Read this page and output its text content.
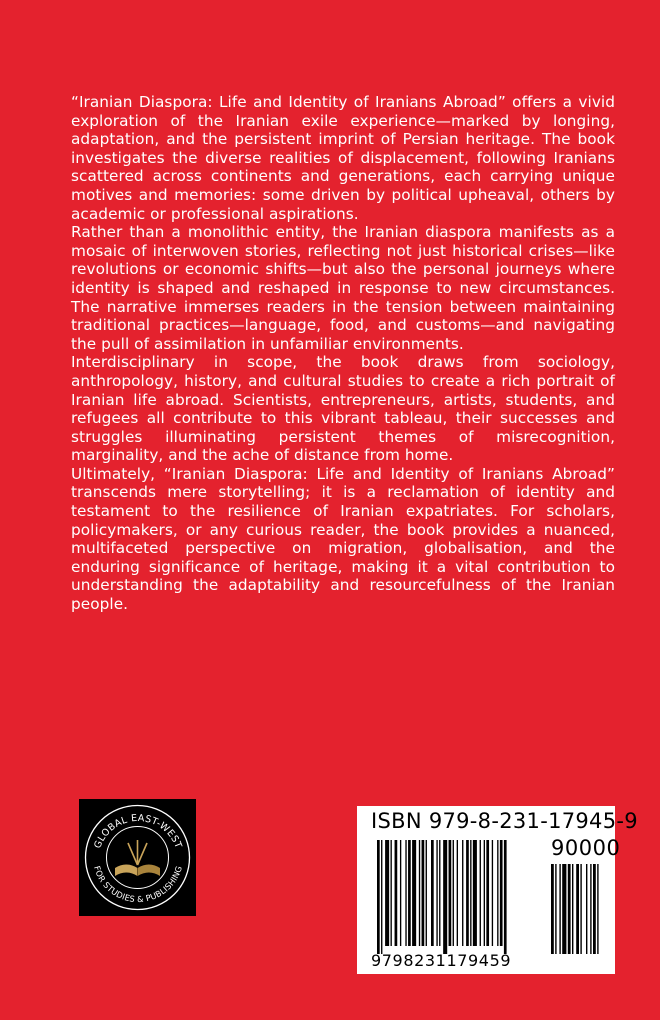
“Iranian Diaspora: Life and Identity of Iranians Abroad” offers a vivid exploration of the Iranian exile experience—marked by longing, adaptation, and the persistent imprint of Persian heritage. The book investigates the diverse realities of displacement, following Iranians scattered across continents and generations, each carrying unique motives and memories: some driven by political upheaval, others by academic or professional aspirations.

Rather than a monolithic entity, the Iranian diaspora manifests as a mosaic of interwoven stories, reflecting not just historical crises—like revolutions or economic shifts—but also the personal journeys where identity is shaped and reshaped in response to new circumstances. The narrative immerses readers in the tension between maintaining traditional practices—language, food, and customs—and navigating the pull of assimilation in unfamiliar environments.

Interdisciplinary in scope, the book draws from sociology, anthropology, history, and cultural studies to create a rich portrait of Iranian life abroad. Scientists, entrepreneurs, artists, students, and refugees all contribute to this vibrant tableau, their successes and struggles illuminating persistent themes of misrecognition, marginality, and the ache of distance from home.

Ultimately, “Iranian Diaspora: Life and Identity of Iranians Abroad” transcends mere storytelling; it is a reclamation of identity and testament to the resilience of Iranian expatriates. For scholars, policymakers, or any curious reader, the book provides a nuanced, multifaceted perspective on migration, globalisation, and the enduring significance of heritage, making it a vital contribution to understanding the adaptability and resourcefulness of the Iranian people.

GLOBAL EAST-WEST
FOR STUDIES & PUBLISHING
ISBN 979-8-231-17945-9
90000
9798231179459
